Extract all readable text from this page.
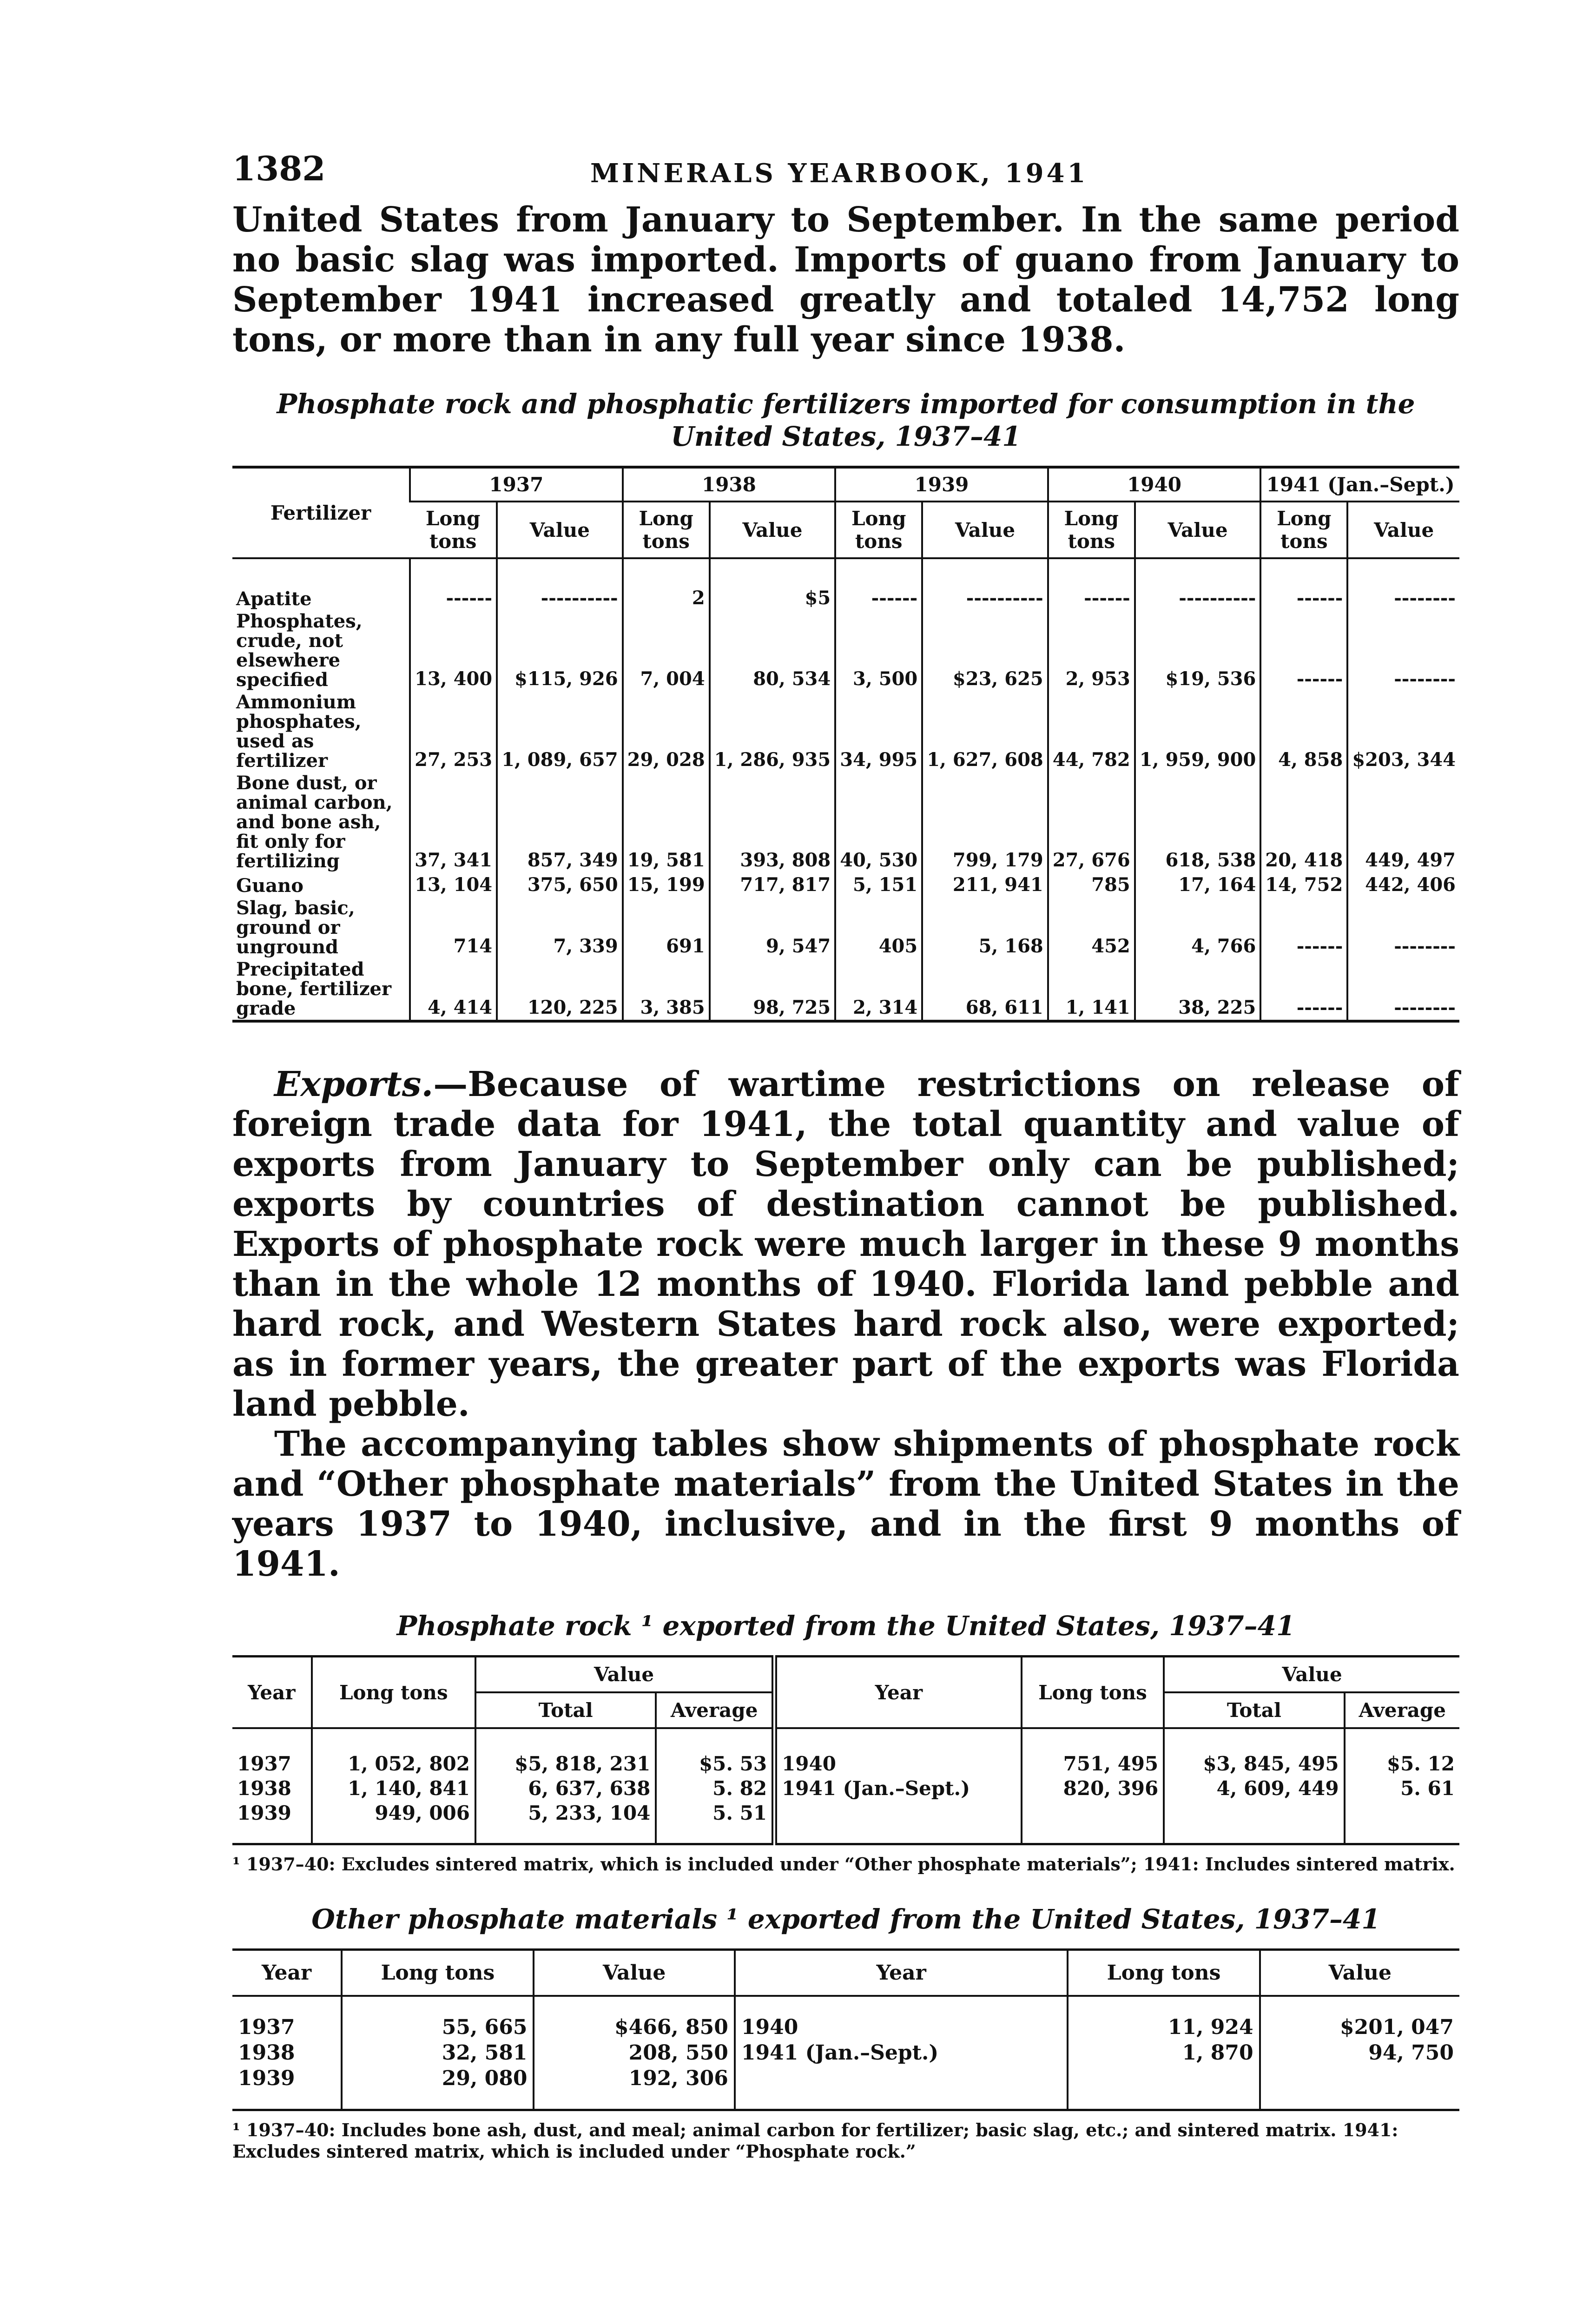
1382	MINERALS YEARBOOK, 1941

United States from January to September. In the same period no basic slag was imported. Imports of guano from January to September 1941 increased greatly and totaled 14,752 long tons, or more than in any full year since 1938.

Phosphate rock and phosphatic fertilizers imported for consumption in the United States, 1937–41

Fertilizer	1937		1938		1939		1940		1941 (Jan.–Sept.)	
	Long tons	Value	Long tons	Value	Long tons	Value	Long tons	Value	Long tons	Value
Apatite	------	----------	2	$5	------	----------	------	----------	------	--------
Phosphates, crude, not elsewhere specified	13, 400	$115, 926	7, 004	80, 534	3, 500	$23, 625	2, 953	$19, 536	------	--------
Ammonium phosphates, used as fertilizer	27, 253	1, 089, 657	29, 028	1, 286, 935	34, 995	1, 627, 608	44, 782	1, 959, 900	4, 858	$203, 344
Bone dust, or animal carbon, and bone ash, fit only for fertilizing	37, 341	857, 349	19, 581	393, 808	40, 530	799, 179	27, 676	618, 538	20, 418	449, 497
Guano	13, 104	375, 650	15, 199	717, 817	5, 151	211, 941	785	17, 164	14, 752	442, 406
Slag, basic, ground or unground	714	7, 339	691	9, 547	405	5, 168	452	4, 766	------	--------
Precipitated bone, fertilizer grade	4, 414	120, 225	3, 385	98, 725	2, 314	68, 611	1, 141	38, 225	------	--------

Exports.—Because of wartime restrictions on release of foreign trade data for 1941, the total quantity and value of exports from January to September only can be published; exports by countries of destination cannot be published. Exports of phosphate rock were much larger in these 9 months than in the whole 12 months of 1940. Florida land pebble and hard rock, and Western States hard rock also, were exported; as in former years, the greater part of the exports was Florida land pebble.

The accompanying tables show shipments of phosphate rock and “Other phosphate materials” from the United States in the years 1937 to 1940, inclusive, and in the first 9 months of 1941.

Phosphate rock ¹ exported from the United States, 1937–41

Year	Long tons	Value		Year	Long tons	Value	
		Total	Average			Total	Average
1937	1, 052, 802	$5, 818, 231	$5. 53	1940	751, 495	$3, 845, 495	$5. 12
1938	1, 140, 841	6, 637, 638	5. 82	1941 (Jan.–Sept.)	820, 396	4, 609, 449	5. 61
1939	949, 006	5, 233, 104	5. 51				

¹ 1937–40: Excludes sintered matrix, which is included under “Other phosphate materials”; 1941: Includes sintered matrix.

Other phosphate materials ¹ exported from the United States, 1937–41

Year	Long tons	Value	Year	Long tons	Value
1937	55, 665	$466, 850	1940	11, 924	$201, 047
1938	32, 581	208, 550	1941 (Jan.–Sept.)	1, 870	94, 750
1939	29, 080	192, 306			

¹ 1937–40: Includes bone ash, dust, and meal; animal carbon for fertilizer; basic slag, etc.; and sintered matrix. 1941: Excludes sintered matrix, which is included under “Phosphate rock.”
